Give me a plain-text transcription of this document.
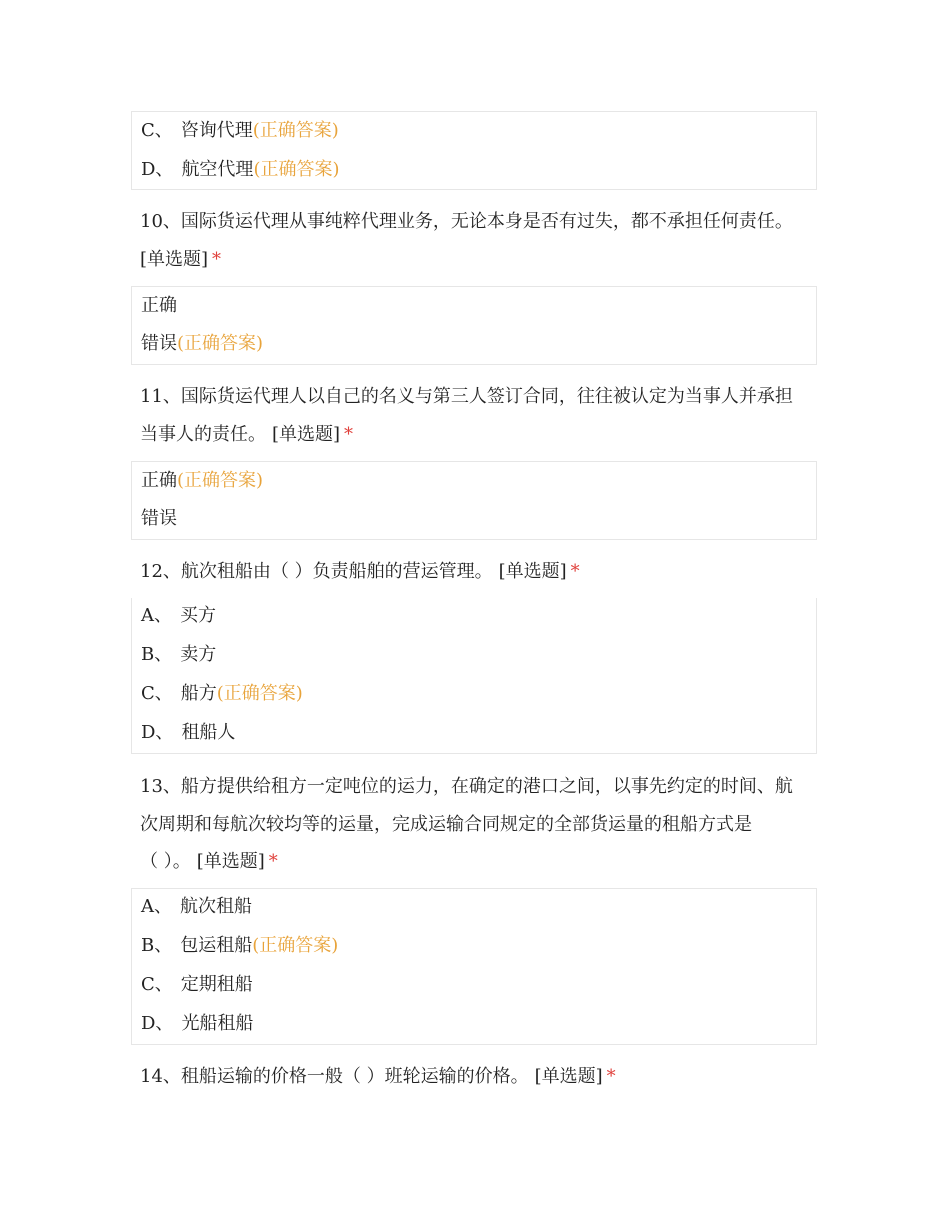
C、 咨询代理(正确答案)
D、 航空代理(正确答案)
10、国际货运代理从事纯粹代理业务，无论本身是否有过失，都不承担任何责任。
[单选题] *
正确
错误(正确答案)
11、国际货运代理人以自己的名义与第三人签订合同，往往被认定为当事人并承担
当事人的责任。 [单选题] *
正确(正确答案)
错误
12、航次租船由（ ）负责船舶的营运管理。 [单选题] *
A、 买方
B、 卖方
C、 船方(正确答案)
D、 租船人
13、船方提供给租方一定吨位的运力，在确定的港口之间，以事先约定的时间、航
次周期和每航次较均等的运量，完成运输合同规定的全部货运量的租船方式是
（ ）。 [单选题] *
A、 航次租船
B、 包运租船(正确答案)
C、 定期租船
D、 光船租船
14、租船运输的价格一般（ ）班轮运输的价格。 [单选题] *
